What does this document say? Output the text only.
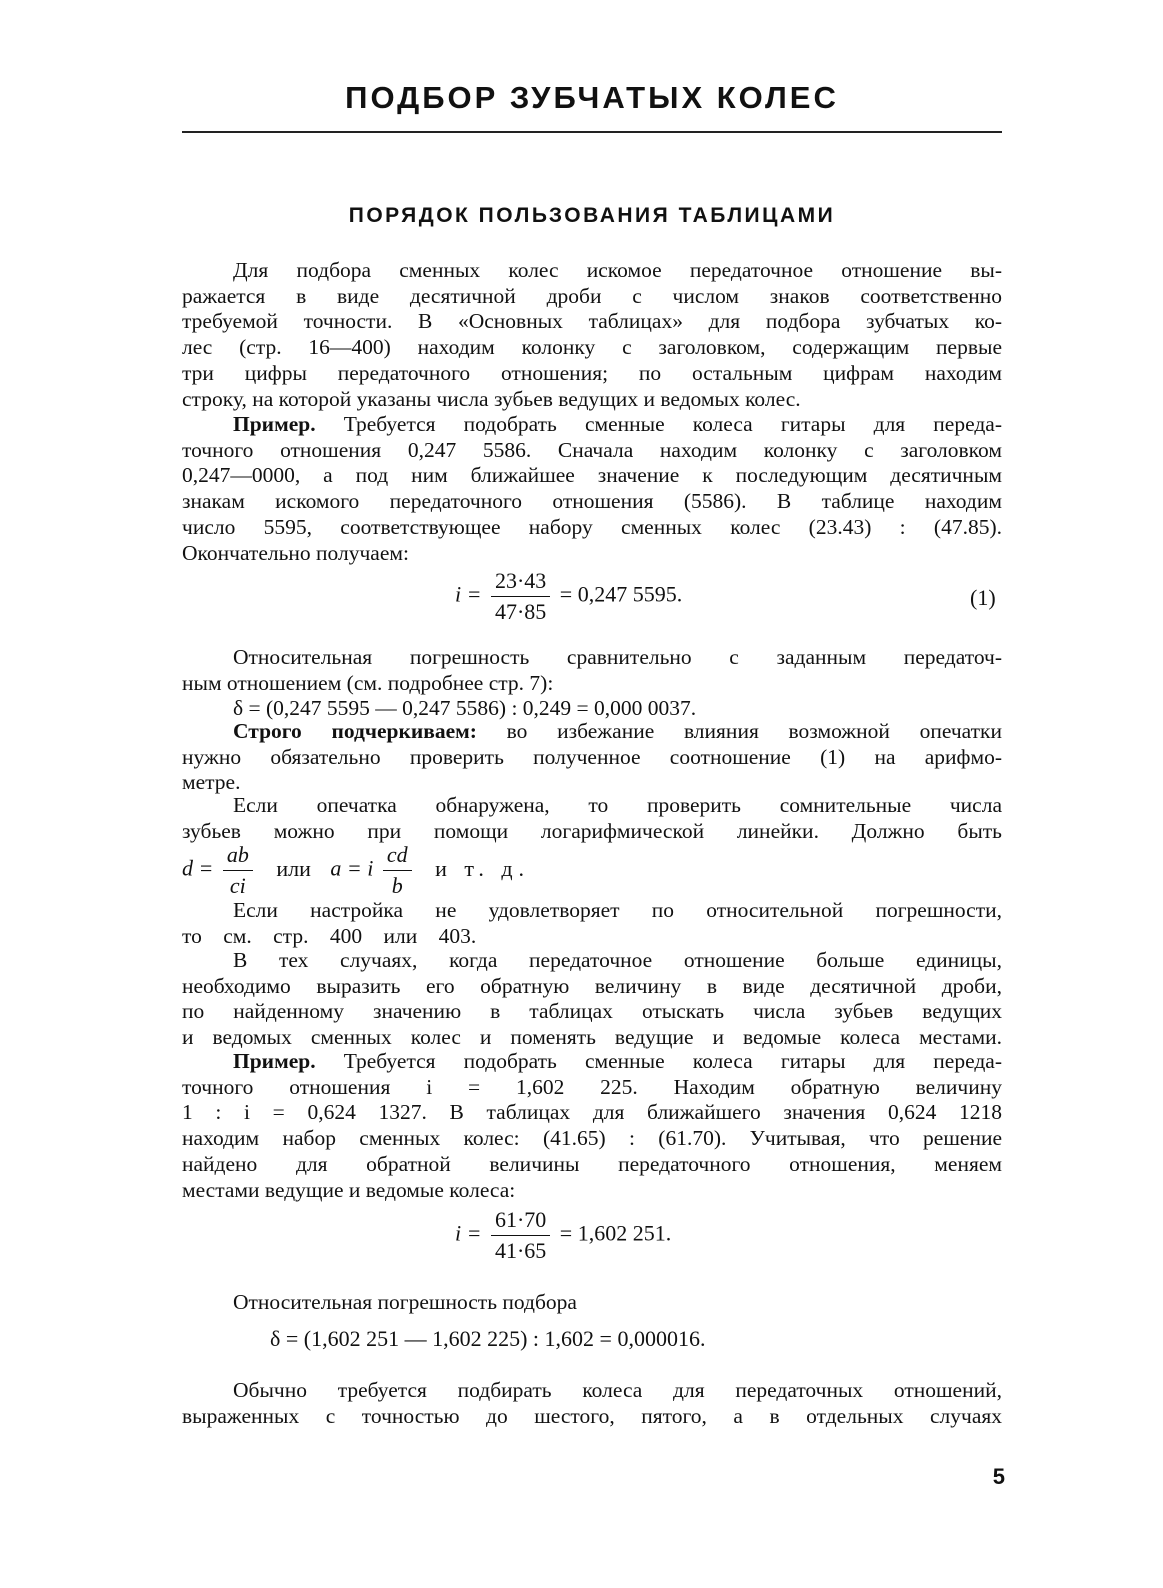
ПОДБОР ЗУБЧАТЫХ КОЛЕС
ПОРЯДОК ПОЛЬЗОВАНИЯ ТАБЛИЦАМИ
Для подбора сменных колес искомое передаточное отношение вы-
ражается в виде десятичной дроби с числом знаков соответственно
требуемой точности. В «Основных таблицах» для подбора зубчатых ко-
лес (стр. 16—400) находим колонку с заголовком, содержащим первые
три цифры передаточного отношения; по остальным цифрам находим
строку, на которой указаны числа зубьев ведущих и ведомых колес.
Пример. Требуется подобрать сменные колеса гитары для переда-
точного отношения 0,247 5586. Сначала находим колонку с заголовком
0,247—0000, а под ним ближайшее значение к последующим десятичным
знакам искомого передаточного отношения (5586). В таблице находим
число 5595, соответствующее набору сменных колес (23.43) : (47.85).
Окончательно получаем:
$i = \frac{23\cdot 43}{47\cdot 85} = 0,247$ 5595.	(1)
Относительная погрешность сравнительно с заданным передаточ-
ным отношением (см. подробнее стр. 7):
δ = (0,247 5595 — 0,247 5586) : 0,249 = 0,000 0037.
Строго подчеркиваем: во избежание влияния возможной опечатки
нужно обязательно проверить полученное соотношение (1) на арифмо-
метре.
Если опечатка обнаружена, то проверить сомнительные числа
зубьев можно при помощи логарифмической линейки. Должно быть
$d = \frac{ab}{ci}$ или a = i $\frac{cd}{b}$ и т. д.
Если настройка не удовлетворяет по относительной погрешности,
то см. стр. 400 или 403.
В тех случаях, когда передаточное отношение больше единицы,
необходимо выразить его обратную величину в виде десятичной дроби,
по найденному значению в таблицах отыскать числа зубьев ведущих
и ведомых сменных колес и поменять ведущие и ведомые колеса местами.
Пример. Требуется подобрать сменные колеса гитары для переда-
точного отношения i = 1,602 225. Находим обратную величину
1 : i = 0,624 1327. В таблицах для ближайшего значения 0,624 1218
находим набор сменных колес: (41.65) : (61.70). Учитывая, что решение
найдено для обратной величины передаточного отношения, меняем
местами ведущие и ведомые колеса:
$i = \frac{61\cdot 70}{41\cdot 65} = 1,602$ 251.
Относительная погрешность подбора
δ = (1,602 251 — 1,602 225) : 1,602 = 0,000016.
Обычно требуется подбирать колеса для передаточных отношений,
выраженных с точностью до шестого, пятого, а в отдельных случаях
5
